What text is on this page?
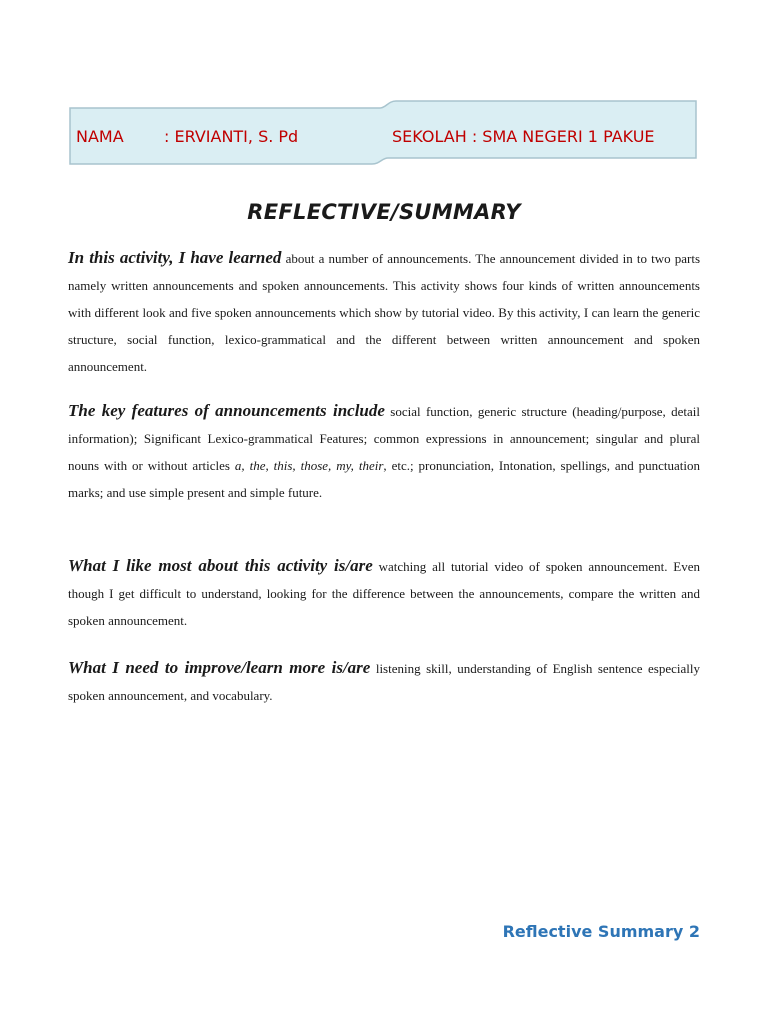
NAMA	: ERVIANTI, S. Pd	SEKOLAH : SMA NEGERI 1 PAKUE
REFLECTIVE/SUMMARY

In this activity, I have learned about a number of announcements. The announcement divided in to two parts namely written announcements and spoken announcements. This activity shows four kinds of written announcements with different look and five spoken announcements which show by tutorial video. By this activity, I can learn the generic structure, social function, lexico-grammatical and the different between written announcement and spoken announcement.

The key features of announcements include social function, generic structure (heading/purpose, detail information); Significant Lexico-grammatical Features; common expressions in announcement; singular and plural nouns with or without articles a, the, this, those, my, their, etc.; pronunciation, Intonation, spellings, and punctuation marks; and use simple present and simple future.

What I like most about this activity is/are watching all tutorial video of spoken announcement. Even though I get difficult to understand, looking for the difference between the announcements, compare the written and spoken announcement.

What I need to improve/learn more is/are listening skill, understanding of English sentence especially spoken announcement, and vocabulary.

Reflective Summary 2
